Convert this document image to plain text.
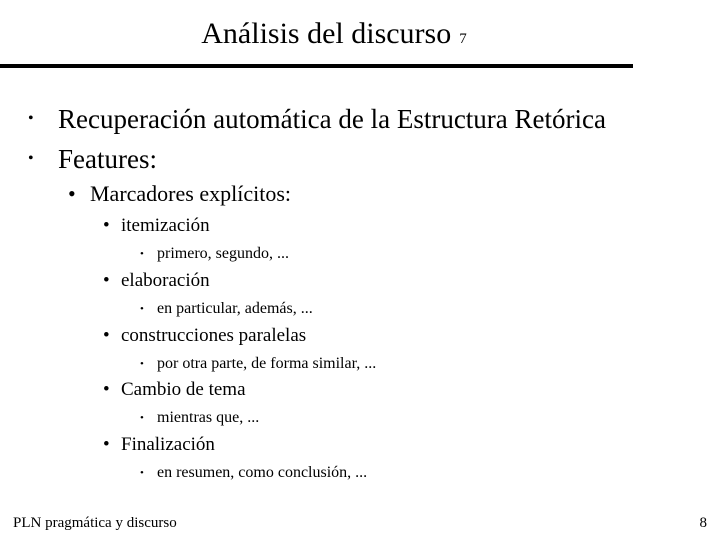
Análisis del discurso 7
• Recuperación automática de la Estructura Retórica
• Features:
• Marcadores explícitos:
• itemización
• primero, segundo, ...
• elaboración
• en particular, además, ...
• construcciones paralelas
• por otra parte, de forma similar, ...
• Cambio de tema
• mientras que, ...
• Finalización
• en resumen, como conclusión, ...
PLN pragmática y discurso	8
